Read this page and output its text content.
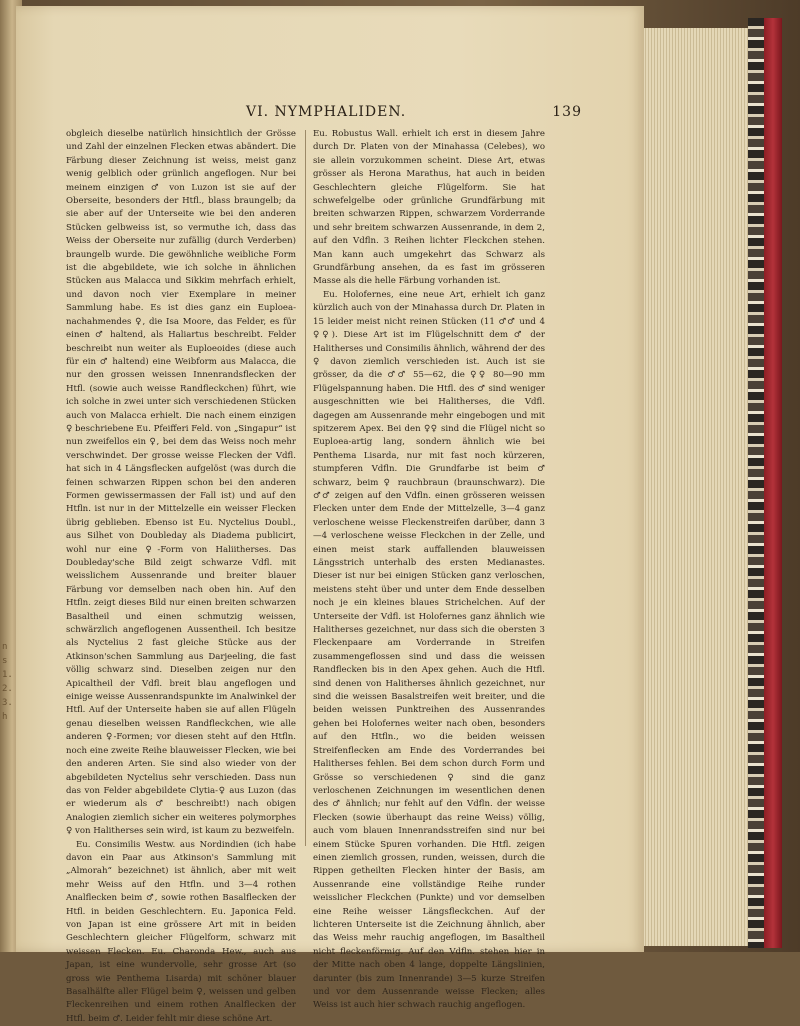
n
s
1.
2.
3.
h
VI. NYMPHALIDEN.	139

obgleich dieselbe natürlich hinsichtlich der Grösse und Zahl der einzelnen Flecken etwas abändert. Die Färbung dieser Zeichnung ist weiss, meist ganz wenig gelblich oder grünlich angeflogen. Nur bei meinem einzigen ♂ von Luzon ist sie auf der Oberseite, besonders der Htfl., blass braungelb; da sie aber auf der Unterseite wie bei den anderen Stücken gelbweiss ist, so vermuthe ich, dass das Weiss der Oberseite nur zufällig (durch Verderben) braungelb wurde. Die gewöhnliche weibliche Form ist die abgebildete, wie ich solche in ähnlichen Stücken aus Malacca und Sikkim mehrfach erhielt, und davon noch vier Exemplare in meiner Sammlung habe. Es ist dies ganz ein Euploea-nachahmendes ♀, die Isa Moore, das Felder, es für einen ♂ haltend, als Haliartus beschreibt. Felder beschreibt nun weiter als Euploeoides (diese auch für ein ♂ haltend) eine Weibform aus Malacca, die nur den grossen weissen Innenrandsflecken der Htfl. (sowie auch weisse Randfleckchen) führt, wie ich solche in zwei unter sich verschiedenen Stücken auch von Malacca erhielt. Die nach einem einzigen ♀ beschriebene Eu. Pfeifferi Feld. von „Singapur“ ist nun zweifellos ein ♀, bei dem das Weiss noch mehr verschwindet. Der grosse weisse Flecken der Vdfl. hat sich in 4 Längsflecken aufgelöst (was durch die feinen schwarzen Rippen schon bei den anderen Formen gewissermassen der Fall ist) und auf den Htfln. ist nur in der Mittelzelle ein weisser Flecken übrig geblieben. Ebenso ist Eu. Nyctelius Doubl., aus Silhet von Doubleday als Diadema publicirt, wohl nur eine ♀-Form von Haliitherses. Das Doubleday'sche Bild zeigt schwarze Vdfl. mit weisslichem Aussenrande und breiter blauer Färbung vor demselben nach oben hin. Auf den Htfln. zeigt dieses Bild nur einen breiten schwarzen Basaltheil und einen schmutzig weissen, schwärzlich angeflogenen Aussentheil. Ich besitze als Nyctelius 2 fast gleiche Stücke aus der Atkinson'schen Sammlung aus Darjeeling, die fast völlig schwarz sind. Dieselben zeigen nur den Apicaltheil der Vdfl. breit blau angeflogen und einige weisse Aussenrandspunkte im Analwinkel der Htfl. Auf der Unterseite haben sie auf allen Flügeln genau dieselben weissen Randfleckchen, wie alle anderen ♀-Formen; vor diesen steht auf den Htfln. noch eine zweite Reihe blauweisser Flecken, wie bei den anderen Arten. Sie sind also wieder von der abgebildeten Nyctelius sehr verschieden. Dass nun das von Felder abgebildete Clytia-♀ aus Luzon (das er wiederum als ♂ beschreibt!) nach obigen Analogien ziemlich sicher ein weiteres polymorphes ♀ von Halitherses sein wird, ist kaum zu bezweifeln.

Eu. Consimilis Westw. aus Nordindien (ich habe davon ein Paar aus Atkinson's Sammlung mit „Almorah“ bezeichnet) ist ähnlich, aber mit weit mehr Weiss auf den Htfln. und 3—4 rothen Analflecken beim ♂, sowie rothen Basalflecken der Htfl. in beiden Geschlechtern. Eu. Japonica Feld. von Japan ist eine grössere Art mit in beiden Geschlechtern gleicher Flügelform, schwarz mit weissen Flecken. Eu. Charonda Hew., auch aus Japan, ist eine wundervolle, sehr grosse Art (so gross wie Penthema Lisarda) mit schöner blauer Basalhälfte aller Flügel beim ♀, weissen und gelben Fleckenreihen und einem rothen Analflecken der Htfl. beim ♂. Leider fehlt mir diese schöne Art.

Eu. Robustus Wall. erhielt ich erst in diesem Jahre durch Dr. Platen von der Minahassa (Celebes), wo sie allein vorzukommen scheint. Diese Art, etwas grösser als Herona Marathus, hat auch in beiden Geschlechtern gleiche Flügelform. Sie hat schwefelgelbe oder grünliche Grundfärbung mit breiten schwarzen Rippen, schwarzem Vorderrande und sehr breitem schwarzen Aussenrande, in dem 2, auf den Vdfln. 3 Reihen lichter Fleckchen stehen. Man kann auch umgekehrt das Schwarz als Grundfärbung ansehen, da es fast im grösseren Masse als die helle Färbung vorhanden ist.

Eu. Holofernes, eine neue Art, erhielt ich ganz kürzlich auch von der Minahassa durch Dr. Platen in 15 leider meist nicht reinen Stücken (11 ♂♂ und 4 ♀♀). Diese Art ist im Flügelschnitt dem ♂ der Halitherses und Consimilis ähnlich, während der des ♀ davon ziemlich verschieden ist. Auch ist sie grösser, da die ♂♂ 55—62, die ♀♀ 80—90 mm Flügelspannung haben. Die Htfl. des ♂ sind weniger ausgeschnitten wie bei Halitherses, die Vdfl. dagegen am Aussenrande mehr eingebogen und mit spitzerem Apex. Bei den ♀♀ sind die Flügel nicht so Euploea-artig lang, sondern ähnlich wie bei Penthema Lisarda, nur mit fast noch kürzeren, stumpferen Vdfln. Die Grundfarbe ist beim ♂ schwarz, beim ♀ rauchbraun (braunschwarz). Die ♂♂ zeigen auf den Vdfln. einen grösseren weissen Flecken unter dem Ende der Mittelzelle, 3—4 ganz verloschene weisse Fleckenstreifen darüber, dann 3—4 verloschene weisse Fleckchen in der Zelle, und einen meist stark auffallenden blauweissen Längsstrich unterhalb des ersten Medianastes. Dieser ist nur bei einigen Stücken ganz verloschen, meistens steht über und unter dem Ende desselben noch je ein kleines blaues Strichelchen. Auf der Unterseite der Vdfl. ist Holofernes ganz ähnlich wie Halitherses gezeichnet, nur dass sich die obersten 3 Fleckenpaare am Vorderrande in Streifen zusammengeflossen sind und dass die weissen Randflecken bis in den Apex gehen. Auch die Htfl. sind denen von Halitherses ähnlich gezeichnet, nur sind die weissen Basalstreifen weit breiter, und die beiden weissen Punktreihen des Aussenrandes gehen bei Holofernes weiter nach oben, besonders auf den Htfln., wo die beiden weissen Streifenflecken am Ende des Vorderrandes bei Halitherses fehlen. Bei dem schon durch Form und Grösse so verschiedenen ♀ sind die ganz verloschenen Zeichnungen im wesentlichen denen des ♂ ähnlich; nur fehlt auf den Vdfln. der weisse Flecken (sowie überhaupt das reine Weiss) völlig, auch vom blauen Innenrandsstreifen sind nur bei einem Stücke Spuren vorhanden. Die Htfl. zeigen einen ziemlich grossen, runden, weissen, durch die Rippen getheilten Flecken hinter der Basis, am Aussenrande eine vollständige Reihe runder weisslicher Fleckchen (Punkte) und vor demselben eine Reihe weisser Längsfleckchen. Auf der lichteren Unterseite ist die Zeichnung ähnlich, aber das Weiss mehr rauchig angeflogen, im Basaltheil nicht fleckenförmig. Auf den Vdfln. stehen hier in der Mitte nach oben 4 lange, doppelte Längslinien, darunter (bis zum Innenrande) 3—5 kurze Streifen und vor dem Aussenrande weisse Flecken; alles Weiss ist auch hier schwach rauchig angeflogen.
